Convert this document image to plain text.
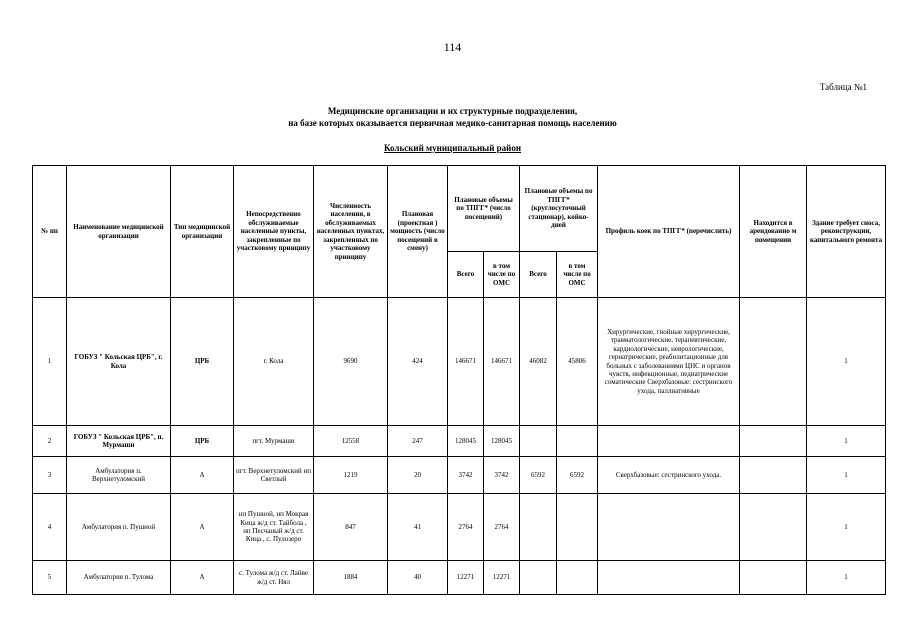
114
Таблица №1
Медицинские организации и их структурные подразделения,
на базе которых оказывается первичная медико-санитарная помощь населению
Кольский муниципальный район
№ пп	Наименование медицинской организации	Тип медицинской организации	Непосредственно обслуживаемые населенные пункты, закрепленные по участковому принципу	Численность населения, в обслуживаемых населенных пунктах, закрепленных по участковому принципу	Плановая (проектная ) мощность (число посещений в смену)	Плановые объемы по ТПГГ* (число посещений)		Плановые объемы по ТПГГ* (круглосуточный стационар), койко-дней		Профиль коек по ТПГГ* (перечислить)	Находится в арендованно м помещении	Здание требует сноса, реконструкции, капитального ремонта
						Всего	в том числе по ОМС	Всего	в том числе по ОМС			
1	ГОБУЗ " Кольская ЦРБ", г. Кола	ЦРБ	г. Кола	9690	424	146671	146671	46082	45806	Хирургические, гнойные хирургические, травматологические, терапевтические, кардиологические, неврологические, гериатрические, реабилитационные для больных с заболеваниями ЦНС и органов чувств, инфекционные, педиатрические соматические Сверхбазовые: сестринского ухода, паллиативные		1
2	ГОБУЗ " Кольская ЦРБ", п. Мурмаши	ЦРБ	пгт. Мурмаши	12558	247	128045	128045					1
3	Амбулатория п. Верхнетуломский	А	пгт. Верхнетуломский нп Светлый	1219	20	3742	3742	6592	6592	Сверхбазовые: сестринского ухода.		1
4	Амбулатория п. Пушной	А	нп Пушной, нп Мокрая Кица ж/д ст. Тайбола , нп Песчаный ж/д ст. Кица , с. Пулозеро	847	41	2764	2764					1
5	Амбулатория п. Тулома	А	с. Тулома ж/д ст. Лайве ж/д ст. Нял	1884	40	12271	12271					1
